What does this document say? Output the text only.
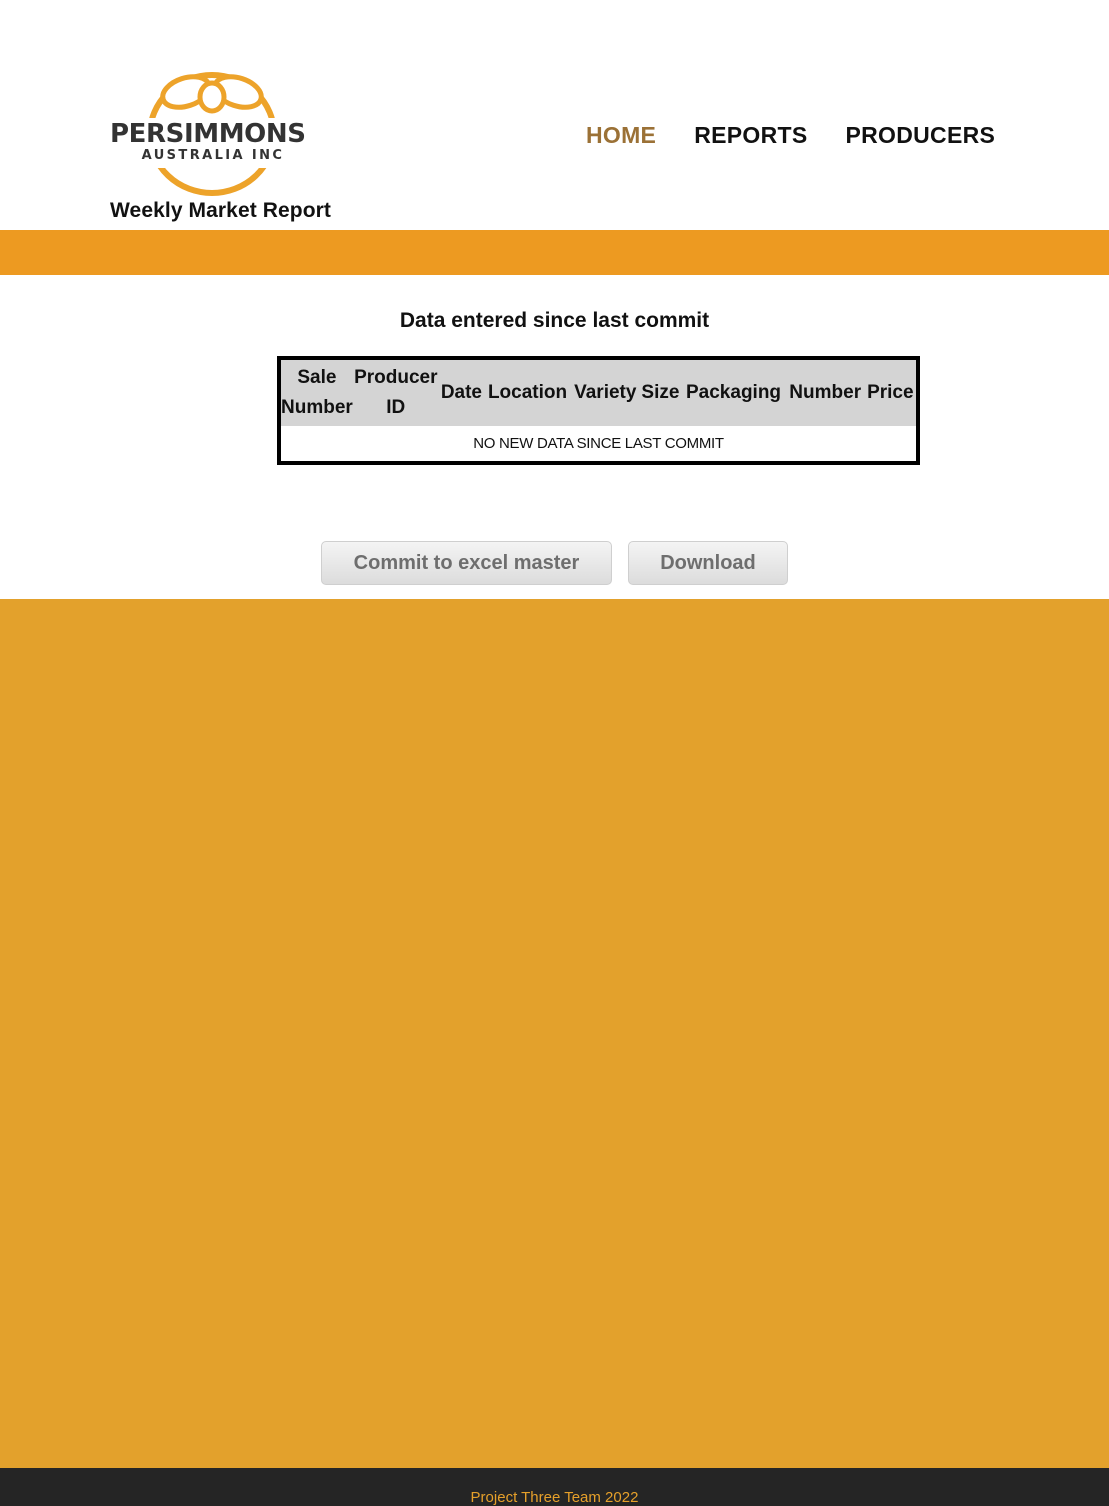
PERSIMMONS
AUSTRALIA INC
Weekly Market Report
HOME REPORTS PRODUCERS
Data entered since last commit
Sale Number	Producer ID	Date	Location	Variety	Size	Packaging	Number	Price
NO NEW DATA SINCE LAST COMMIT
Commit to excel master	Download
Project Three Team 2022
